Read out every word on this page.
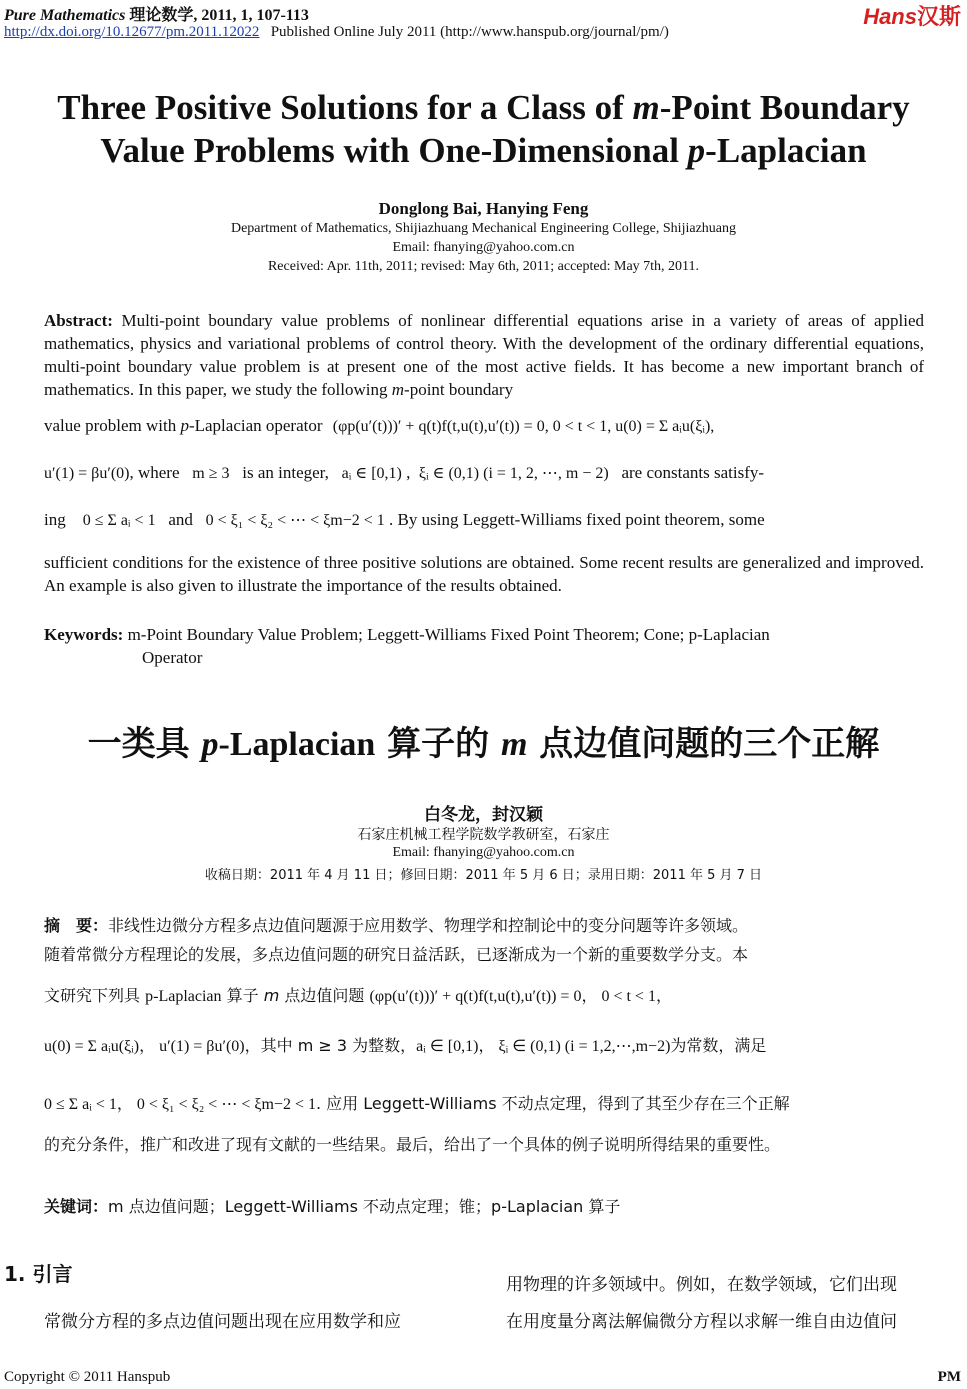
Pure Mathematics 理论数学, 2011, 1, 107-113
http://dx.doi.org/10.12677/pm.2011.12022 Published Online July 2011 (http://www.hanspub.org/journal/pm/)
Hans汉斯
Three Positive Solutions for a Class of m-Point Boundary
Value Problems with One-Dimensional p-Laplacian
Donglong Bai, Hanying Feng
Department of Mathematics, Shijiazhuang Mechanical Engineering College, Shijiazhuang
Email: fhanying@yahoo.com.cn
Received: Apr. 11th, 2011; revised: May 6th, 2011; accepted: May 7th, 2011.
Abstract: Multi-point boundary value problems of nonlinear differential equations arise in a variety of areas of applied mathematics, physics and variational problems of control theory. With the development of the ordinary differential equations, multi-point boundary value problem is at present one of the most active fields. It has become a new important branch of mathematics. In this paper, we study the following m-point boundary
value problem with p-Laplacian operator (φp(u′(t)))′ + q(t)f(t,u(t),u′(t)) = 0, 0 < t < 1, u(0) = Σ aᵢu(ξᵢ),
u′(1) = βu′(0), where m ≥ 3 is an integer, aᵢ ∈ [0,1) ,  ξᵢ ∈ (0,1) (i = 1, 2, ⋯, m − 2) are constants satisfy-
ing 0 ≤ Σ aᵢ < 1 and 0 < ξ₁ < ξ₂ < ⋯ < ξm−2 < 1 . By using Leggett-Williams fixed point theorem, some
sufficient conditions for the existence of three positive solutions are obtained. Some recent results are generalized and improved. An example is also given to illustrate the importance of the results obtained.
Keywords: m-Point Boundary Value Problem; Leggett-Williams Fixed Point Theorem; Cone; p-Laplacian
Operator
一类具 p-Laplacian 算子的 m 点边值问题的三个正解
白冬龙，封汉颖
石家庄机械工程学院数学教研室，石家庄
Email: fhanying@yahoo.com.cn
收稿日期：2011 年 4 月 11 日；修回日期：2011 年 5 月 6 日；录用日期：2011 年 5 月 7 日
摘　要：非线性边微分方程多点边值问题源于应用数学、物理学和控制论中的变分问题等许多领域。
随着常微分方程理论的发展，多点边值问题的研究日益活跃，已逐渐成为一个新的重要数学分支。本
文研究下列具 p-Laplacian 算子 m 点边值问题 (φp(u′(t)))′ + q(t)f(t,u(t),u′(t)) = 0， 0 < t < 1，
u(0) = Σ aᵢu(ξᵢ)， u′(1) = βu′(0)，其中 m ≥ 3 为整数，aᵢ ∈ [0,1)， ξᵢ ∈ (0,1) (i = 1,2,⋯,m−2)为常数，满足
0 ≤ Σ aᵢ < 1， 0 < ξ₁ < ξ₂ < ⋯ < ξm−2 < 1. 应用 Leggett-Williams 不动点定理，得到了其至少存在三个正解
的充分条件，推广和改进了现有文献的一些结果。最后，给出了一个具体的例子说明所得结果的重要性。
关键词：m 点边值问题；Leggett-Williams 不动点定理；锥；p-Laplacian 算子
1. 引言
常微分方程的多点边值问题出现在应用数学和应
用物理的许多领域中。例如，在数学领域，它们出现
在用度量分离法解偏微分方程以求解一维自由边值问
Copyright © 2011 Hanspub	PM
